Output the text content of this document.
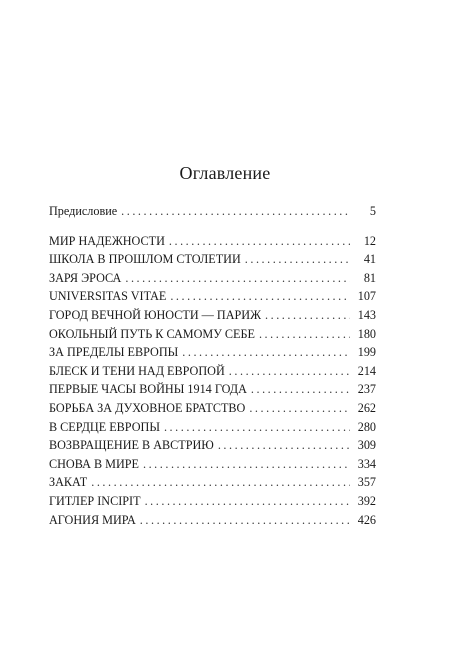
Оглавление
Предисловие . . .	5
МИР НАДЕЖНОСТИ . . .	12
ШКОЛА В ПРОШЛОМ СТОЛЕТИИ . . .	41
ЗАРЯ ЭРОСА . . .	81
UNIVERSITAS VITAE . . .	107
ГОРОД ВЕЧНОЙ ЮНОСТИ — ПАРИЖ . . .	143
ОКОЛЬНЫЙ ПУТЬ К САМОМУ СЕБЕ . . .	180
ЗА ПРЕДЕЛЫ ЕВРОПЫ . . .	199
БЛЕСК И ТЕНИ НАД ЕВРОПОЙ . . .	214
ПЕРВЫЕ ЧАСЫ ВОЙНЫ 1914 ГОДА . . .	237
БОРЬБА ЗА ДУХОВНОЕ БРАТСТВО . . .	262
В СЕРДЦЕ ЕВРОПЫ . . .	280
ВОЗВРАЩЕНИЕ В АВСТРИЮ . . .	309
СНОВА В МИРЕ . . .	334
ЗАКАТ . . .	357
ГИТЛЕР INCIPIT . . .	392
АГОНИЯ МИРА . . .	426
